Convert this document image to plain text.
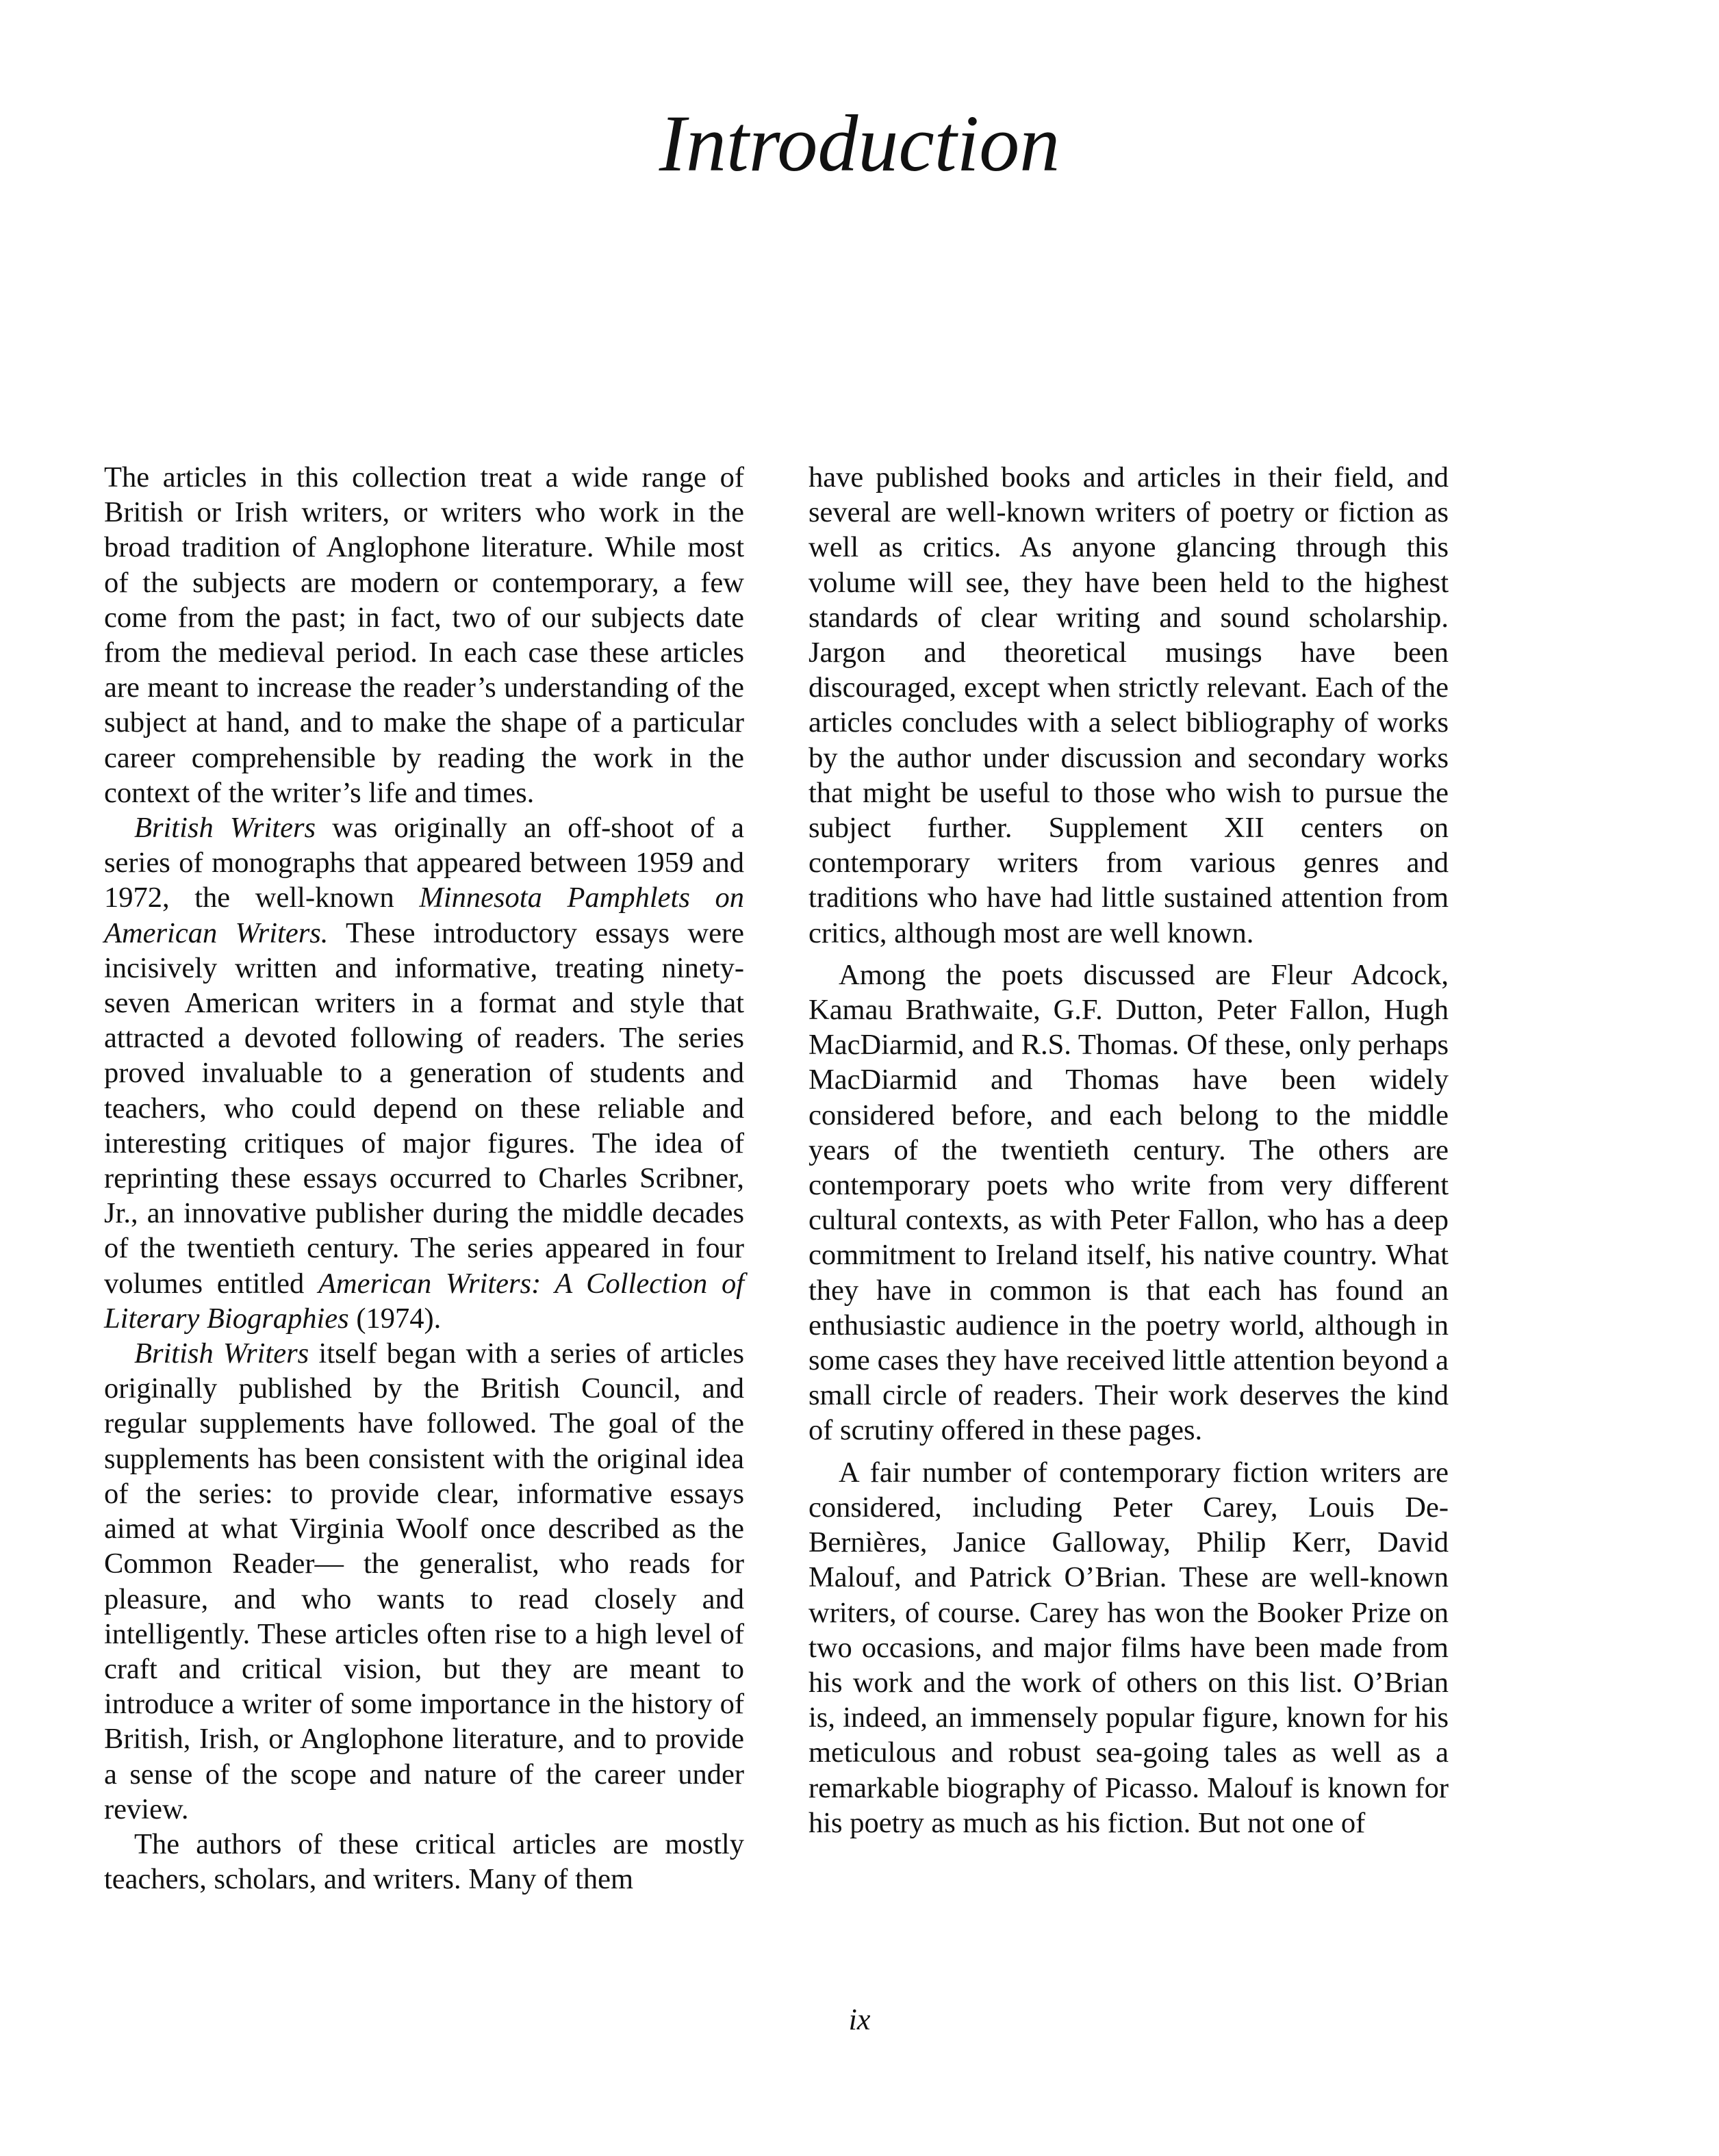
Introduction

The articles in this collection treat a wide range of British or Irish writers, or writers who work in the broad tradition of Anglophone literature. While most of the subjects are modern or contemporary, a few come from the past; in fact, two of our subjects date from the medieval period. In each case these articles are meant to increase the reader’s understanding of the subject at hand, and to make the shape of a particular career comprehensible by reading the work in the context of the writer’s life and times.

British Writers was originally an off-shoot of a series of monographs that appeared between 1959 and 1972, the well-known Minnesota Pamphlets on American Writers. These introductory essays were incisively written and informative, treating ninety-seven American writers in a format and style that attracted a devoted following of readers. The series proved invaluable to a generation of students and teachers, who could depend on these reliable and interesting critiques of major figures. The idea of reprinting these essays occurred to Charles Scribner, Jr., an innovative publisher during the middle decades of the twentieth century. The series appeared in four volumes entitled American Writers: A Collection of Literary Biographies (1974).

British Writers itself began with a series of articles originally published by the British Council, and regular supplements have followed. The goal of the supplements has been consistent with the original idea of the series: to provide clear, informative essays aimed at what Virginia Woolf once described as the Common Reader— the generalist, who reads for pleasure, and who wants to read closely and intelligently. These articles often rise to a high level of craft and critical vision, but they are meant to introduce a writer of some importance in the history of British, Irish, or Anglophone literature, and to provide a sense of the scope and nature of the career under review.

The authors of these critical articles are mostly teachers, scholars, and writers. Many of them

have published books and articles in their field, and several are well-known writers of poetry or fiction as well as critics. As anyone glancing through this volume will see, they have been held to the highest standards of clear writing and sound scholarship. Jargon and theoretical musings have been discouraged, except when strictly relevant. Each of the articles concludes with a select bibliography of works by the author under discussion and secondary works that might be useful to those who wish to pursue the subject further. Supplement XII centers on contemporary writers from various genres and traditions who have had little sustained attention from critics, although most are well known.

Among the poets discussed are Fleur Adcock, Kamau Brathwaite, G.F. Dutton, Peter Fallon, Hugh MacDiarmid, and R.S. Thomas. Of these, only perhaps MacDiarmid and Thomas have been widely considered before, and each belong to the middle years of the twentieth century. The others are contemporary poets who write from very different cultural contexts, as with Peter Fallon, who has a deep commitment to Ireland itself, his native country. What they have in common is that each has found an enthusiastic audience in the poetry world, although in some cases they have received little attention beyond a small circle of readers. Their work deserves the kind of scrutiny offered in these pages.

A fair number of contemporary fiction writers are considered, including Peter Carey, Louis De-Bernières, Janice Galloway, Philip Kerr, David Malouf, and Patrick O’Brian. These are well-known writers, of course. Carey has won the Booker Prize on two occasions, and major films have been made from his work and the work of others on this list. O’Brian is, indeed, an immensely popular figure, known for his meticulous and robust sea-going tales as well as a remarkable biography of Picasso. Malouf is known for his poetry as much as his fiction. But not one of

ix
